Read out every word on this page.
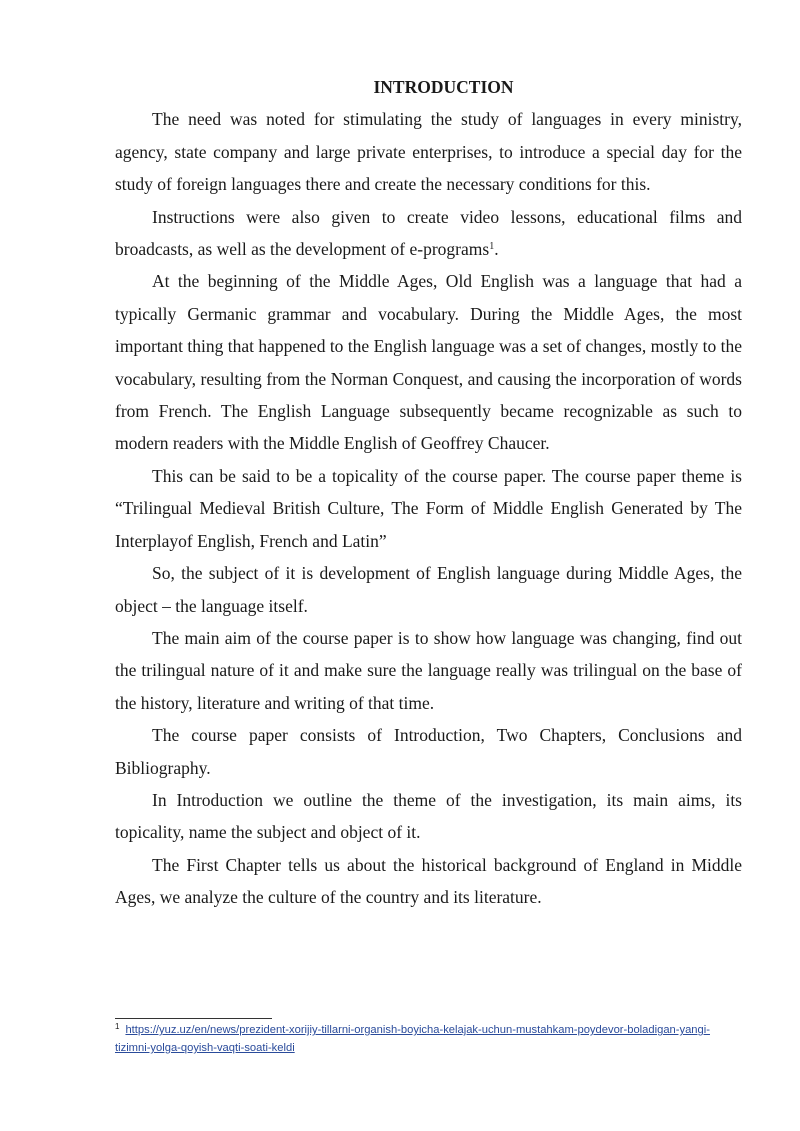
INTRODUCTION

The need was noted for stimulating the study of languages in every ministry, agency, state company and large private enterprises, to introduce a special day for the study of foreign languages there and create the necessary conditions for this.

Instructions were also given to create video lessons, educational films and broadcasts, as well as the development of e-programs$^1$.

At the beginning of the Middle Ages, Old English was a language that had a typically Germanic grammar and vocabulary. During the Middle Ages, the most important thing that happened to the English language was a set of changes, mostly to the vocabulary, resulting from the Norman Conquest, and causing the incorporation of words from French. The English Language subsequently became recognizable as such to modern readers with the Middle English of Geoffrey Chaucer.

This can be said to be a topicality of the course paper. The course paper theme is “Trilingual Medieval British Culture, The Form of Middle English Generated by The Interplayof English, French and Latin”

So, the subject of it is development of English language during Middle Ages, the object – the language itself.

The main aim of the course paper is to show how language was changing, find out the trilingual nature of it and make sure the language really was trilingual on the base of the history, literature and writing of that time.

The course paper consists of Introduction, Two Chapters, Conclusions and Bibliography.

In Introduction we outline the theme of the investigation, its main aims, its topicality, name the subject and object of it.

The First Chapter tells us about the historical background of England in Middle Ages, we analyze the culture of the country and its literature.

$^1$ https://yuz.uz/en/news/prezident-xorijiy-tillarni-organish-boyicha-kelajak-uchun-mustahkam-poydevor-boladigan-yangi-tizimni-yolga-qoyish-vaqti-soati-keldi
